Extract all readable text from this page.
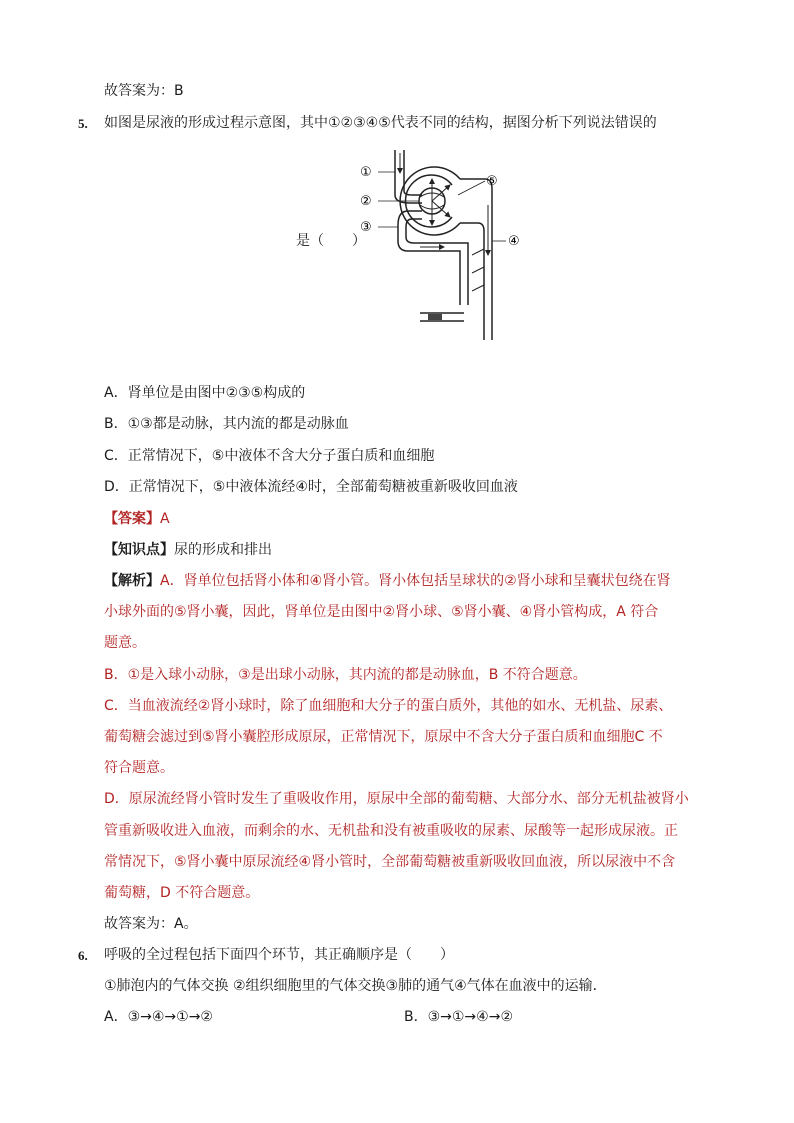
故答案为：B
5. 如图是尿液的形成过程示意图，其中①②③④⑤代表不同的结构，据图分析下列说法错误的
是（　　）
①
②
③
④
⑤
A．肾单位是由图中②③⑤构成的
B．①③都是动脉，其内流的都是动脉血
C．正常情况下，⑤中液体不含大分子蛋白质和血细胞
D．正常情况下，⑤中液体流经④时，全部葡萄糖被重新吸收回血液
【答案】A
【知识点】尿的形成和排出
【解析】A．肾单位包括肾小体和④肾小管。肾小体包括呈球状的②肾小球和呈囊状包绕在肾
小球外面的⑤肾小囊，因此，肾单位是由图中②肾小球、⑤肾小囊、④肾小管构成，A 符合
题意。
B．①是入球小动脉，③是出球小动脉，其内流的都是动脉血，B 不符合题意。
C．当血液流经②肾小球时，除了血细胞和大分子的蛋白质外，其他的如水、无机盐、尿素、
葡萄糖会滤过到⑤肾小囊腔形成原尿，正常情况下，原尿中不含大分子蛋白质和血细胞C 不
符合题意。
D．原尿流经肾小管时发生了重吸收作用，原尿中全部的葡萄糖、大部分水、部分无机盐被肾小
管重新吸收进入血液，而剩余的水、无机盐和没有被重吸收的尿素、尿酸等一起形成尿液。正
常情况下，⑤肾小囊中原尿流经④肾小管时，全部葡萄糖被重新吸收回血液，所以尿液中不含
葡萄糖，D 不符合题意。
故答案为：A。
6. 呼吸的全过程包括下面四个环节，其正确顺序是（　　）
①肺泡内的气体交换 ②组织细胞里的气体交换③肺的通气④气体在血液中的运输．
A．③→④→①→②	B．③→①→④→②
